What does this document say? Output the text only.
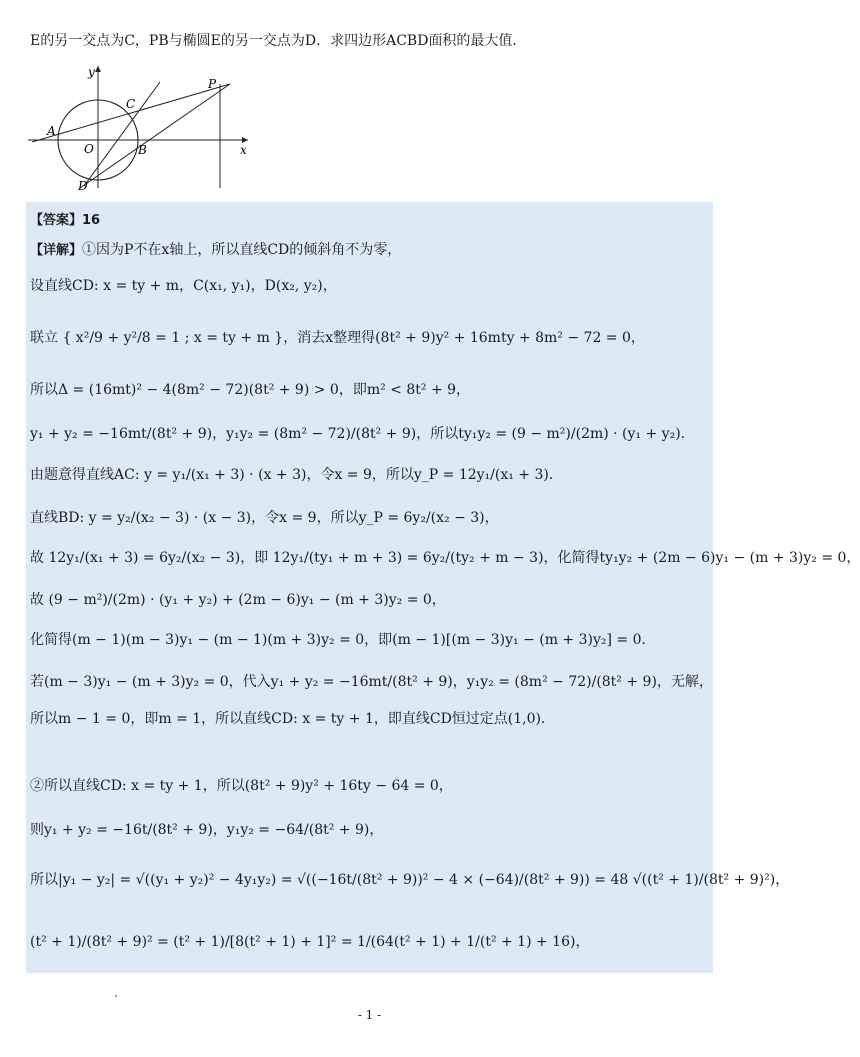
E的另一交点为C，PB与椭圆E的另一交点为D．求四边形ACBD面积的最大值．
y
x
P
C
A
O	B
D
【答案】16
【详解】①因为P不在x轴上，所以直线CD的倾斜角不为零，
设直线CD: x = ty + m，C(x₁, y₁)，D(x₂, y₂)，
联立 { x²/9 + y²/8 = 1 ; x = ty + m }，消去x整理得(8t² + 9)y² + 16mty + 8m² − 72 = 0，
所以Δ = (16mt)² − 4(8m² − 72)(8t² + 9) > 0，即m² < 8t² + 9，
y₁ + y₂ = −16mt/(8t² + 9)，y₁y₂ = (8m² − 72)/(8t² + 9)，所以ty₁y₂ = (9 − m²)/(2m) · (y₁ + y₂)．
由题意得直线AC: y = y₁/(x₁ + 3) · (x + 3)，令x = 9，所以y_P = 12y₁/(x₁ + 3)．
直线BD: y = y₂/(x₂ − 3) · (x − 3)，令x = 9，所以y_P = 6y₂/(x₂ − 3)，
故 12y₁/(x₁ + 3) = 6y₂/(x₂ − 3)，即 12y₁/(ty₁ + m + 3) = 6y₂/(ty₂ + m − 3)，化简得ty₁y₂ + (2m − 6)y₁ − (m + 3)y₂ = 0，
故 (9 − m²)/(2m) · (y₁ + y₂) + (2m − 6)y₁ − (m + 3)y₂ = 0，
化简得(m − 1)(m − 3)y₁ − (m − 1)(m + 3)y₂ = 0，即(m − 1)[(m − 3)y₁ − (m + 3)y₂] = 0．
若(m − 3)y₁ − (m + 3)y₂ = 0，代入y₁ + y₂ = −16mt/(8t² + 9)，y₁y₂ = (8m² − 72)/(8t² + 9)，无解，
所以m − 1 = 0，即m = 1，所以直线CD: x = ty + 1，即直线CD恒过定点(1,0)．
②所以直线CD: x = ty + 1，所以(8t² + 9)y² + 16ty − 64 = 0，
则y₁ + y₂ = −16t/(8t² + 9)，y₁y₂ = −64/(8t² + 9)，
所以|y₁ − y₂| = √((y₁ + y₂)² − 4y₁y₂) = √((−16t/(8t² + 9))² − 4 × (−64)/(8t² + 9)) = 48 √((t² + 1)/(8t² + 9)²)，
(t² + 1)/(8t² + 9)² = (t² + 1)/[8(t² + 1) + 1]² = 1/(64(t² + 1) + 1/(t² + 1) + 16)，
- 1 -
